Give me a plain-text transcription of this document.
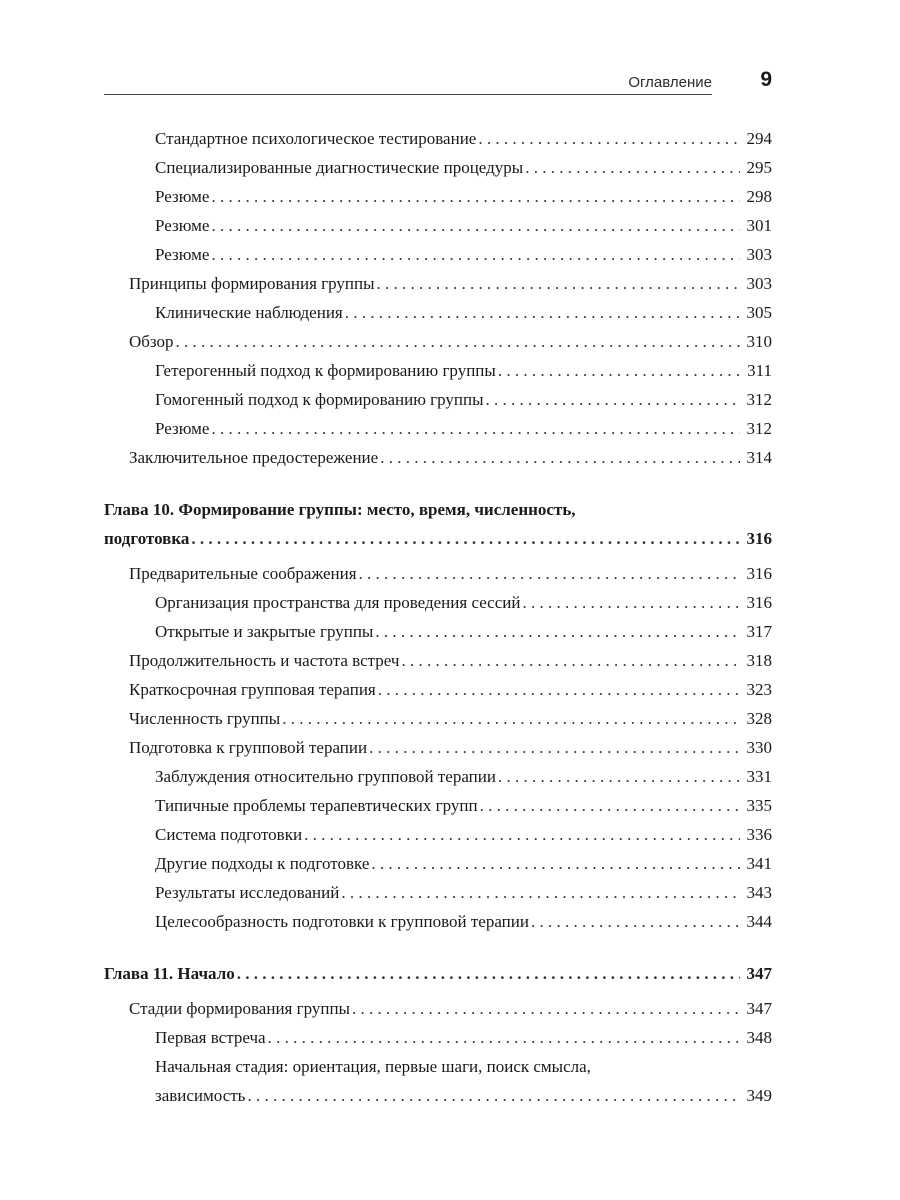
Оглавление 9
Стандартное психологическое тестирование . . .	294
Специализированные диагностические процедуры . . .	295
Резюме . . .	298
Резюме . . .	301
Резюме . . .	303
Принципы формирования группы . . .	303
Клинические наблюдения . . .	305
Обзор . . .	310
Гетерогенный подход к формированию группы . . .	311
Гомогенный подход к формированию группы . . .	312
Резюме . . .	312
Заключительное предостережение . . .	314
Глава 10. Формирование группы: место, время, численность,
подготовка . . .	316
Предварительные соображения . . .	316
Организация пространства для проведения сессий . . .	316
Открытые и закрытые группы . . .	317
Продолжительность и частота встреч . . .	318
Краткосрочная групповая терапия . . .	323
Численность группы . . .	328
Подготовка к групповой терапии . . .	330
Заблуждения относительно групповой терапии . . .	331
Типичные проблемы терапевтических групп . . .	335
Система подготовки . . .	336
Другие подходы к подготовке . . .	341
Результаты исследований . . .	343
Целесообразность подготовки к групповой терапии . . .	344
Глава 11. Начало . . .	347
Стадии формирования группы . . .	347
Первая встреча . . .	348
Начальная стадия: ориентация, первые шаги, поиск смысла,
зависимость . . .	349
